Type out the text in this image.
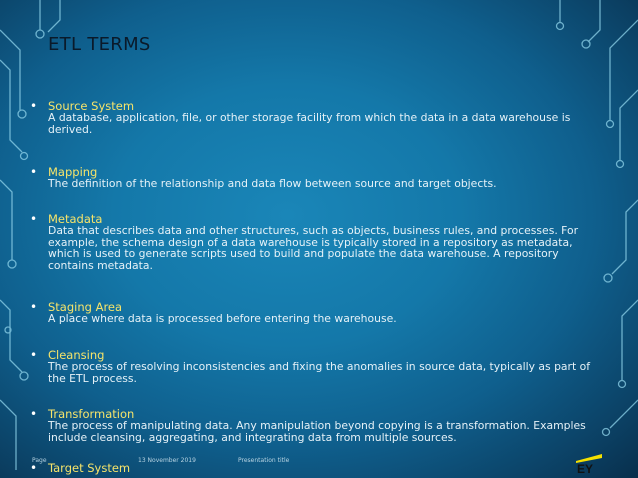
ETL TERMS
• Source System
A database, application, file, or other storage facility from which the data in a data warehouse is derived.
• Mapping
The definition of the relationship and data flow between source and target objects.
• Metadata
Data that describes data and other structures, such as objects, business rules, and processes. For example, the schema design of a data warehouse is typically stored in a repository as metadata, which is used to generate scripts used to build and populate the data warehouse. A repository contains metadata.
• Staging Area
A place where data is processed before entering the warehouse.
• Cleansing
The process of resolving inconsistencies and fixing the anomalies in source data, typically as part of the ETL process.
• Transformation
The process of manipulating data. Any manipulation beyond copying is a transformation. Examples include cleansing, aggregating, and integrating data from multiple sources.
• Target System
Page	13 November 2019	Presentation title
EY
